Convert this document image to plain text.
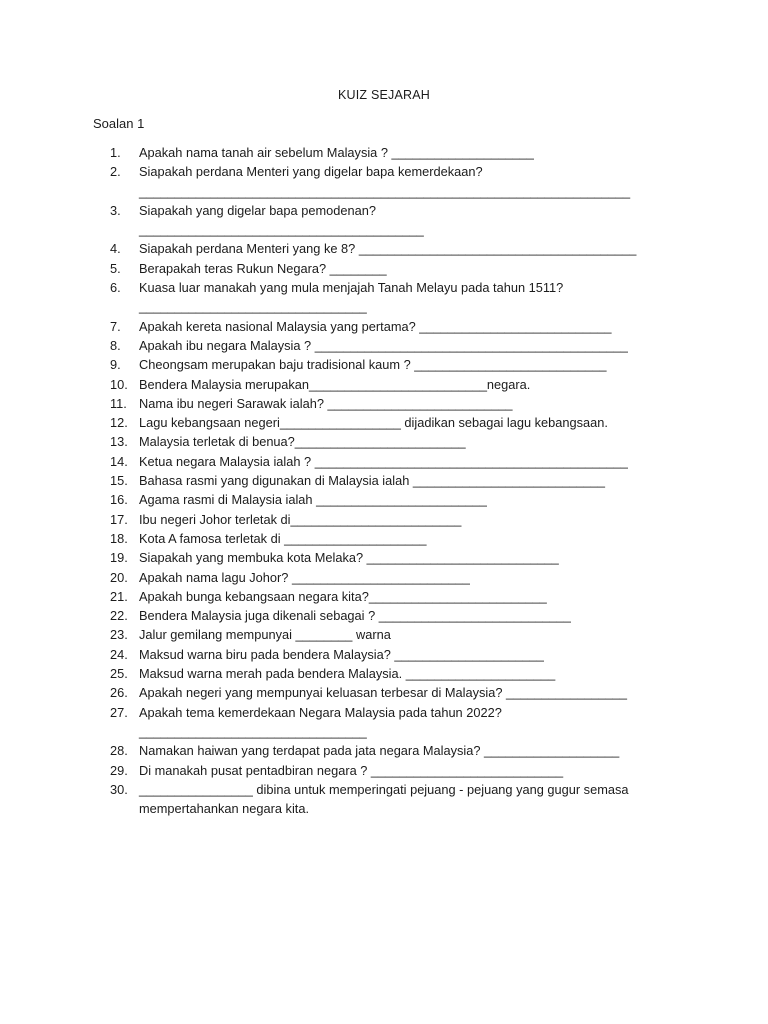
KUIZ SEJARAH
Soalan 1
1.	Apakah nama tanah air sebelum Malaysia ? ____________________
2.	Siapakah perdana Menteri yang digelar bapa kemerdekaan?
_____________________________________________________________________
3.	Siapakah yang digelar bapa pemodenan?
________________________________________
4.	Siapakah perdana Menteri yang ke 8? _______________________________________
5.	Berapakah teras Rukun Negara? ________
6.	Kuasa luar manakah yang mula menjajah Tanah Melayu pada tahun 1511?
________________________________
7.	Apakah kereta nasional Malaysia yang pertama? ___________________________
8.	Apakah ibu negara Malaysia ? ____________________________________________
9.	Cheongsam merupakan baju tradisional kaum ? ___________________________
10. Bendera Malaysia merupakan_________________________negara.
11. Nama ibu negeri Sarawak ialah? __________________________
12. Lagu kebangsaan negeri_________________ dijadikan sebagai lagu kebangsaan.
13. Malaysia terletak di benua?________________________
14. Ketua negara Malaysia ialah ? ____________________________________________
15. Bahasa rasmi yang digunakan di Malaysia ialah ___________________________
16. Agama rasmi di Malaysia ialah ________________________
17. Ibu negeri Johor terletak di________________________
18. Kota A famosa terletak di ____________________
19. Siapakah yang membuka kota Melaka? ___________________________
20. Apakah nama lagu Johor? _________________________
21. Apakah bunga kebangsaan negara kita?_________________________
22. Bendera Malaysia juga dikenali sebagai ? ___________________________
23. Jalur gemilang mempunyai ________ warna
24. Maksud warna biru pada bendera Malaysia? _____________________
25. Maksud warna merah pada bendera Malaysia. _____________________
26. Apakah negeri yang mempunyai keluasan terbesar di Malaysia? _________________
27. Apakah tema kemerdekaan Negara Malaysia pada tahun 2022?
________________________________
28. Namakan haiwan yang terdapat pada jata negara Malaysia? ___________________
29. Di manakah pusat pentadbiran negara ? ___________________________
30. ________________ dibina untuk memperingati pejuang - pejuang yang gugur semasa
mempertahankan negara kita.
